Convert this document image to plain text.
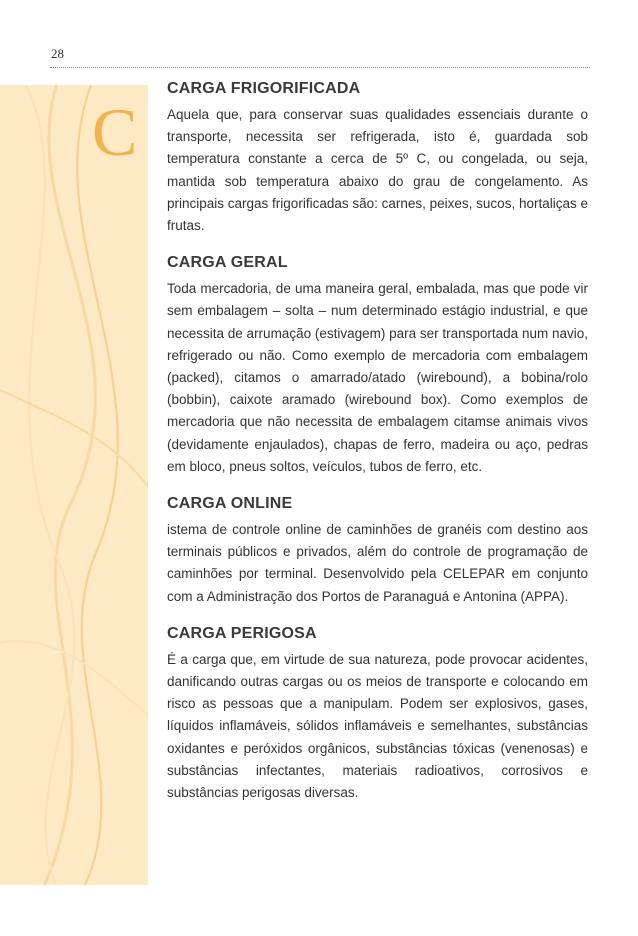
28
C
CARGA FRIGORIFICADA

Aquela que, para conservar suas qualidades essenciais durante o transporte, necessita ser refrigerada, isto é, guardada sob temperatura constante a cerca de 5º C, ou congelada, ou seja, mantida sob temperatura abaixo do grau de congelamento. As principais cargas frigorificadas são: carnes, peixes, sucos, hortaliças e frutas.

CARGA GERAL

Toda mercadoria, de uma maneira geral, embalada, mas que pode vir sem embalagem – solta – num determinado estágio industrial, e que necessita de arrumação (estivagem) para ser transportada num navio, refrigerado ou não. Como exemplo de mercadoria com embalagem (packed), citamos o amarrado/atado (wirebound), a bobina/rolo (bobbin), caixote aramado (wirebound box). Como exemplos de mercadoria que não necessita de embalagem citamse animais vivos (devidamente enjaulados), chapas de ferro, madeira ou aço, pedras em bloco, pneus soltos, veículos, tubos de ferro, etc.

CARGA ONLINE

istema de controle online de caminhões de granéis com destino aos terminais públicos e privados, além do controle de programação de caminhões por terminal. Desenvolvido pela CELEPAR em conjunto com a Administração dos Portos de Paranaguá e Antonina (APPA).

CARGA PERIGOSA

É a carga que, em virtude de sua natureza, pode provocar acidentes, danificando outras cargas ou os meios de transporte e colocando em risco as pessoas que a manipulam. Podem ser explosivos, gases, líquidos inflamáveis, sólidos inflamáveis e semelhantes, substâncias oxidantes e peróxidos orgânicos, substâncias tóxicas (venenosas) e substâncias infectantes, materiais radioativos, corrosivos e substâncias perigosas diversas.
